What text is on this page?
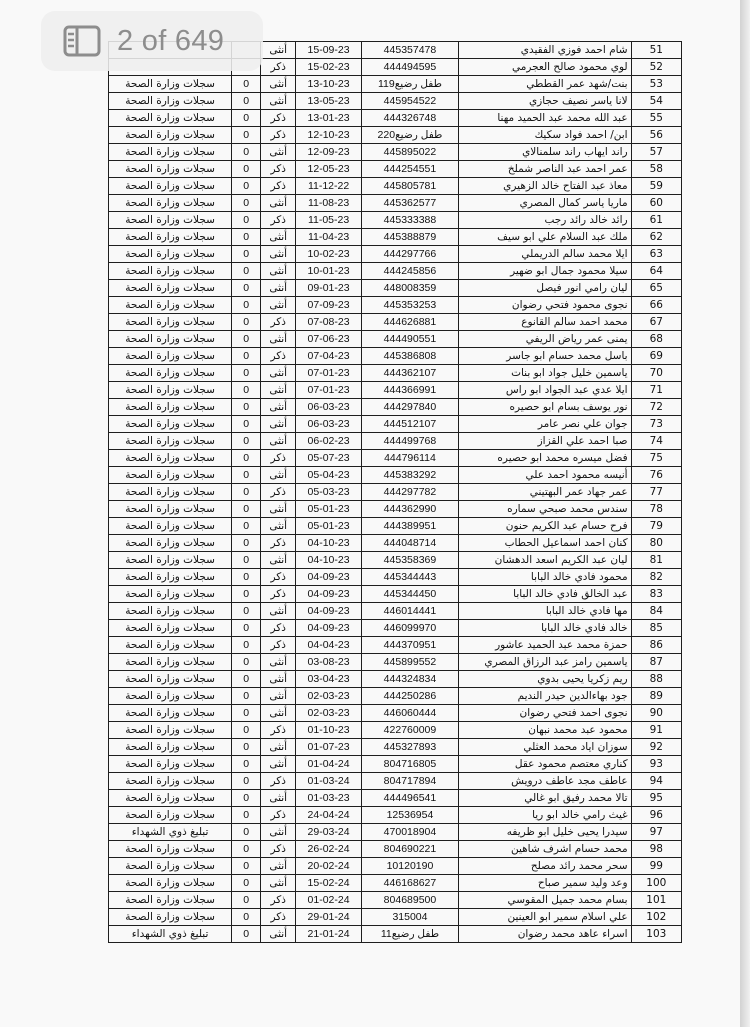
		أنثى	15-09-23	445357478	شام احمد فوزي الفقيدي	51
		ذكر	15-02-23	444494595	لوي محمود صالح العجرمي	52
سجلات وزارة الصحة	0	أنثى	13-10-23	طفل رضيع119	بنت/شهد عمر القططي	53
سجلات وزارة الصحة	0	أنثى	13-05-23	445954522	لانا ياسر نصيف حجازي	54
سجلات وزارة الصحة	0	ذكر	13-01-23	444326748	عبد الله محمد عبد الحميد مهنا	55
سجلات وزارة الصحة	0	ذكر	12-10-23	طفل رضيع220	ابن/ احمد فواد سكيك	56
سجلات وزارة الصحة	0	أنثى	12-09-23	445895022	راند ايهاب راند سلمنالاي	57
سجلات وزارة الصحة	0	ذكر	12-05-23	444254551	عمر احمد عبد الناصر شملخ	58
سجلات وزارة الصحة	0	ذكر	11-12-22	445805781	معاذ عبد الفتاح خالد الزهيري	59
سجلات وزارة الصحة	0	أنثى	11-08-23	445362577	ماريا ياسر كمال المصري	60
سجلات وزارة الصحة	0	ذكر	11-05-23	445333388	رائد خالد رائد رجب	61
سجلات وزارة الصحة	0	أنثى	11-04-23	445388879	ملك عبد السلام علي ابو سيف	62
سجلات وزارة الصحة	0	أنثى	10-02-23	444297766	ايلا محمد سالم الدريملي	63
سجلات وزارة الصحة	0	أنثى	10-01-23	444245856	سيلا محمود جمال ابو ضهير	64
سجلات وزارة الصحة	0	أنثى	09-01-23	448008359	ليان رامي انور فيصل	65
سجلات وزارة الصحة	0	أنثى	07-09-23	445353253	نجوى محمود فتحي رضوان	66
سجلات وزارة الصحة	0	ذكر	07-08-23	444626881	محمد احمد سالم القانوع	67
سجلات وزارة الصحة	0	أنثى	07-06-23	444490551	يمنى عمر رياض الريفي	68
سجلات وزارة الصحة	0	ذكر	07-04-23	445386808	باسل محمد حسام ابو جاسر	69
سجلات وزارة الصحة	0	أنثى	07-01-23	444362107	ياسمين خليل جواد ابو بنات	70
سجلات وزارة الصحة	0	أنثى	07-01-23	444366991	ايلا عدي عبد الجواد ابو راس	71
سجلات وزارة الصحة	0	أنثى	06-03-23	444297840	نور يوسف بسام ابو حصيره	72
سجلات وزارة الصحة	0	أنثى	06-03-23	444512107	جوان علي نصر عامر	73
سجلات وزارة الصحة	0	أنثى	06-02-23	444499768	صبا احمد علي القزاز	74
سجلات وزارة الصحة	0	ذكر	05-07-23	444796114	فضل ميسره محمد ابو حصيره	75
سجلات وزارة الصحة	0	أنثى	05-04-23	445383292	أنيسه محمود احمد علي	76
سجلات وزارة الصحة	0	ذكر	05-03-23	444297782	عمر جهاد عمر البهتيني	77
سجلات وزارة الصحة	0	أنثى	05-01-23	444362990	سندس محمد صبحي سماره	78
سجلات وزارة الصحة	0	أنثى	05-01-23	444389951	فرح حسام عبد الكريم حنون	79
سجلات وزارة الصحة	0	ذكر	04-10-23	444048714	كنان احمد اسماعيل الحطاب	80
سجلات وزارة الصحة	0	أنثى	04-10-23	445358369	ليان عبد الكريم اسعد الدهشان	81
سجلات وزارة الصحة	0	ذكر	04-09-23	445344443	محمود فادي خالد البابا	82
سجلات وزارة الصحة	0	ذكر	04-09-23	445344450	عبد الخالق فادي خالد البابا	83
سجلات وزارة الصحة	0	أنثى	04-09-23	446014441	مها فادي خالد البابا	84
سجلات وزارة الصحة	0	ذكر	04-09-23	446099970	خالد فادي خالد البابا	85
سجلات وزارة الصحة	0	ذكر	04-04-23	444370951	حمزة محمد عبد الحميد عاشور	86
سجلات وزارة الصحة	0	أنثى	03-08-23	445899552	ياسمين رامز عبد الرزاق المصري	87
سجلات وزارة الصحة	0	أنثى	03-04-23	444324834	ريم زكريا يحيى بدوي	88
سجلات وزارة الصحة	0	أنثى	02-03-23	444250286	جود بهاءالدين حيدر النديم	89
سجلات وزارة الصحة	0	أنثى	02-03-23	446060444	نجوى احمد فتحي رضوان	90
سجلات وزارة الصحة	0	ذكر	01-10-23	422760009	محمود عبد محمد نبهان	91
سجلات وزارة الصحة	0	أنثى	01-07-23	445327893	سوزان اياد محمد العثلي	92
سجلات وزارة الصحة	0	أنثى	01-04-24	804716805	كناري معتصم محمود عقل	93
سجلات وزارة الصحة	0	ذكر	01-03-24	804717894	عاطف مجد عاطف درويش	94
سجلات وزارة الصحة	0	أنثى	01-03-23	444496541	تالا محمد رفيق ابو غالي	95
سجلات وزارة الصحة	0	ذكر	24-04-24	12536954	غيث رامي خالد ابو ريا	96
تبليغ ذوي الشهداء	0	أنثى	29-03-24	470018904	سيدرا يحيى خليل ابو ظريفه	97
سجلات وزارة الصحة	0	ذكر	26-02-24	804690221	محمد حسام اشرف شاهين	98
سجلات وزارة الصحة	0	أنثى	20-02-24	10120190	سحر محمد رائد مصلح	99
سجلات وزارة الصحة	0	أنثى	15-02-24	446168627	وعد وليد سمير صباح	100
سجلات وزارة الصحة	0	ذكر	01-02-24	804689500	بسام محمد جميل المقوسي	101
سجلات وزارة الصحة	0	ذكر	29-01-24	315004	علي اسلام سمير ابو العينين	102
تبليغ ذوي الشهداء	0	أنثى	21-01-24	طفل رضيع11	اسراء عاهد محمد رضوان	103
2 of 649
